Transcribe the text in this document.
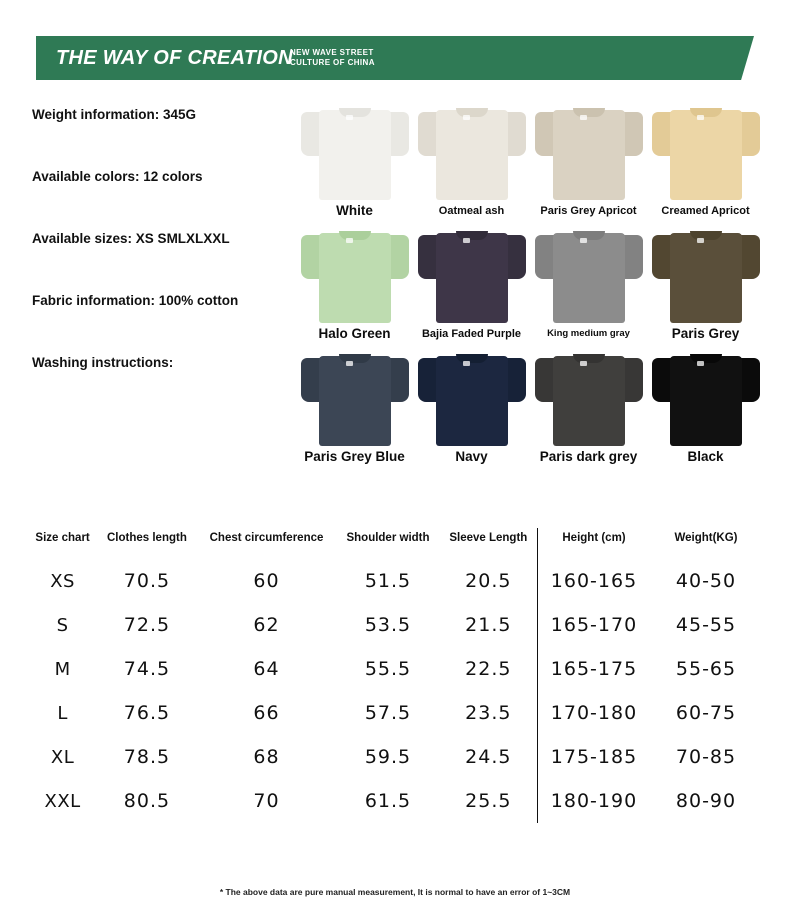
THE WAY OF CREATION
NEW WAVE STREET CULTURE OF CHINA
Weight information: 345G
Available colors: 12 colors
Available sizes: XS SMLXLXXL
Fabric information: 100% cotton
Washing instructions:
White	Oatmeal ash	Paris Grey Apricot	Creamed Apricot
Halo Green	Bajia Faded Purple	King medium gray	Paris Grey
Paris Grey Blue	Navy	Paris dark grey	Black
Size chart	Clothes length	Chest circumference	Shoulder width	Sleeve Length	Height (cm)	Weight(KG)
XS	70.5	60	51.5	20.5	160-165	40-50
S	72.5	62	53.5	21.5	165-170	45-55
M	74.5	64	55.5	22.5	165-175	55-65
L	76.5	66	57.5	23.5	170-180	60-75
XL	78.5	68	59.5	24.5	175-185	70-85
XXL	80.5	70	61.5	25.5	180-190	80-90
* The above data are pure manual measurement, It is normal to have an error of 1~3CM
